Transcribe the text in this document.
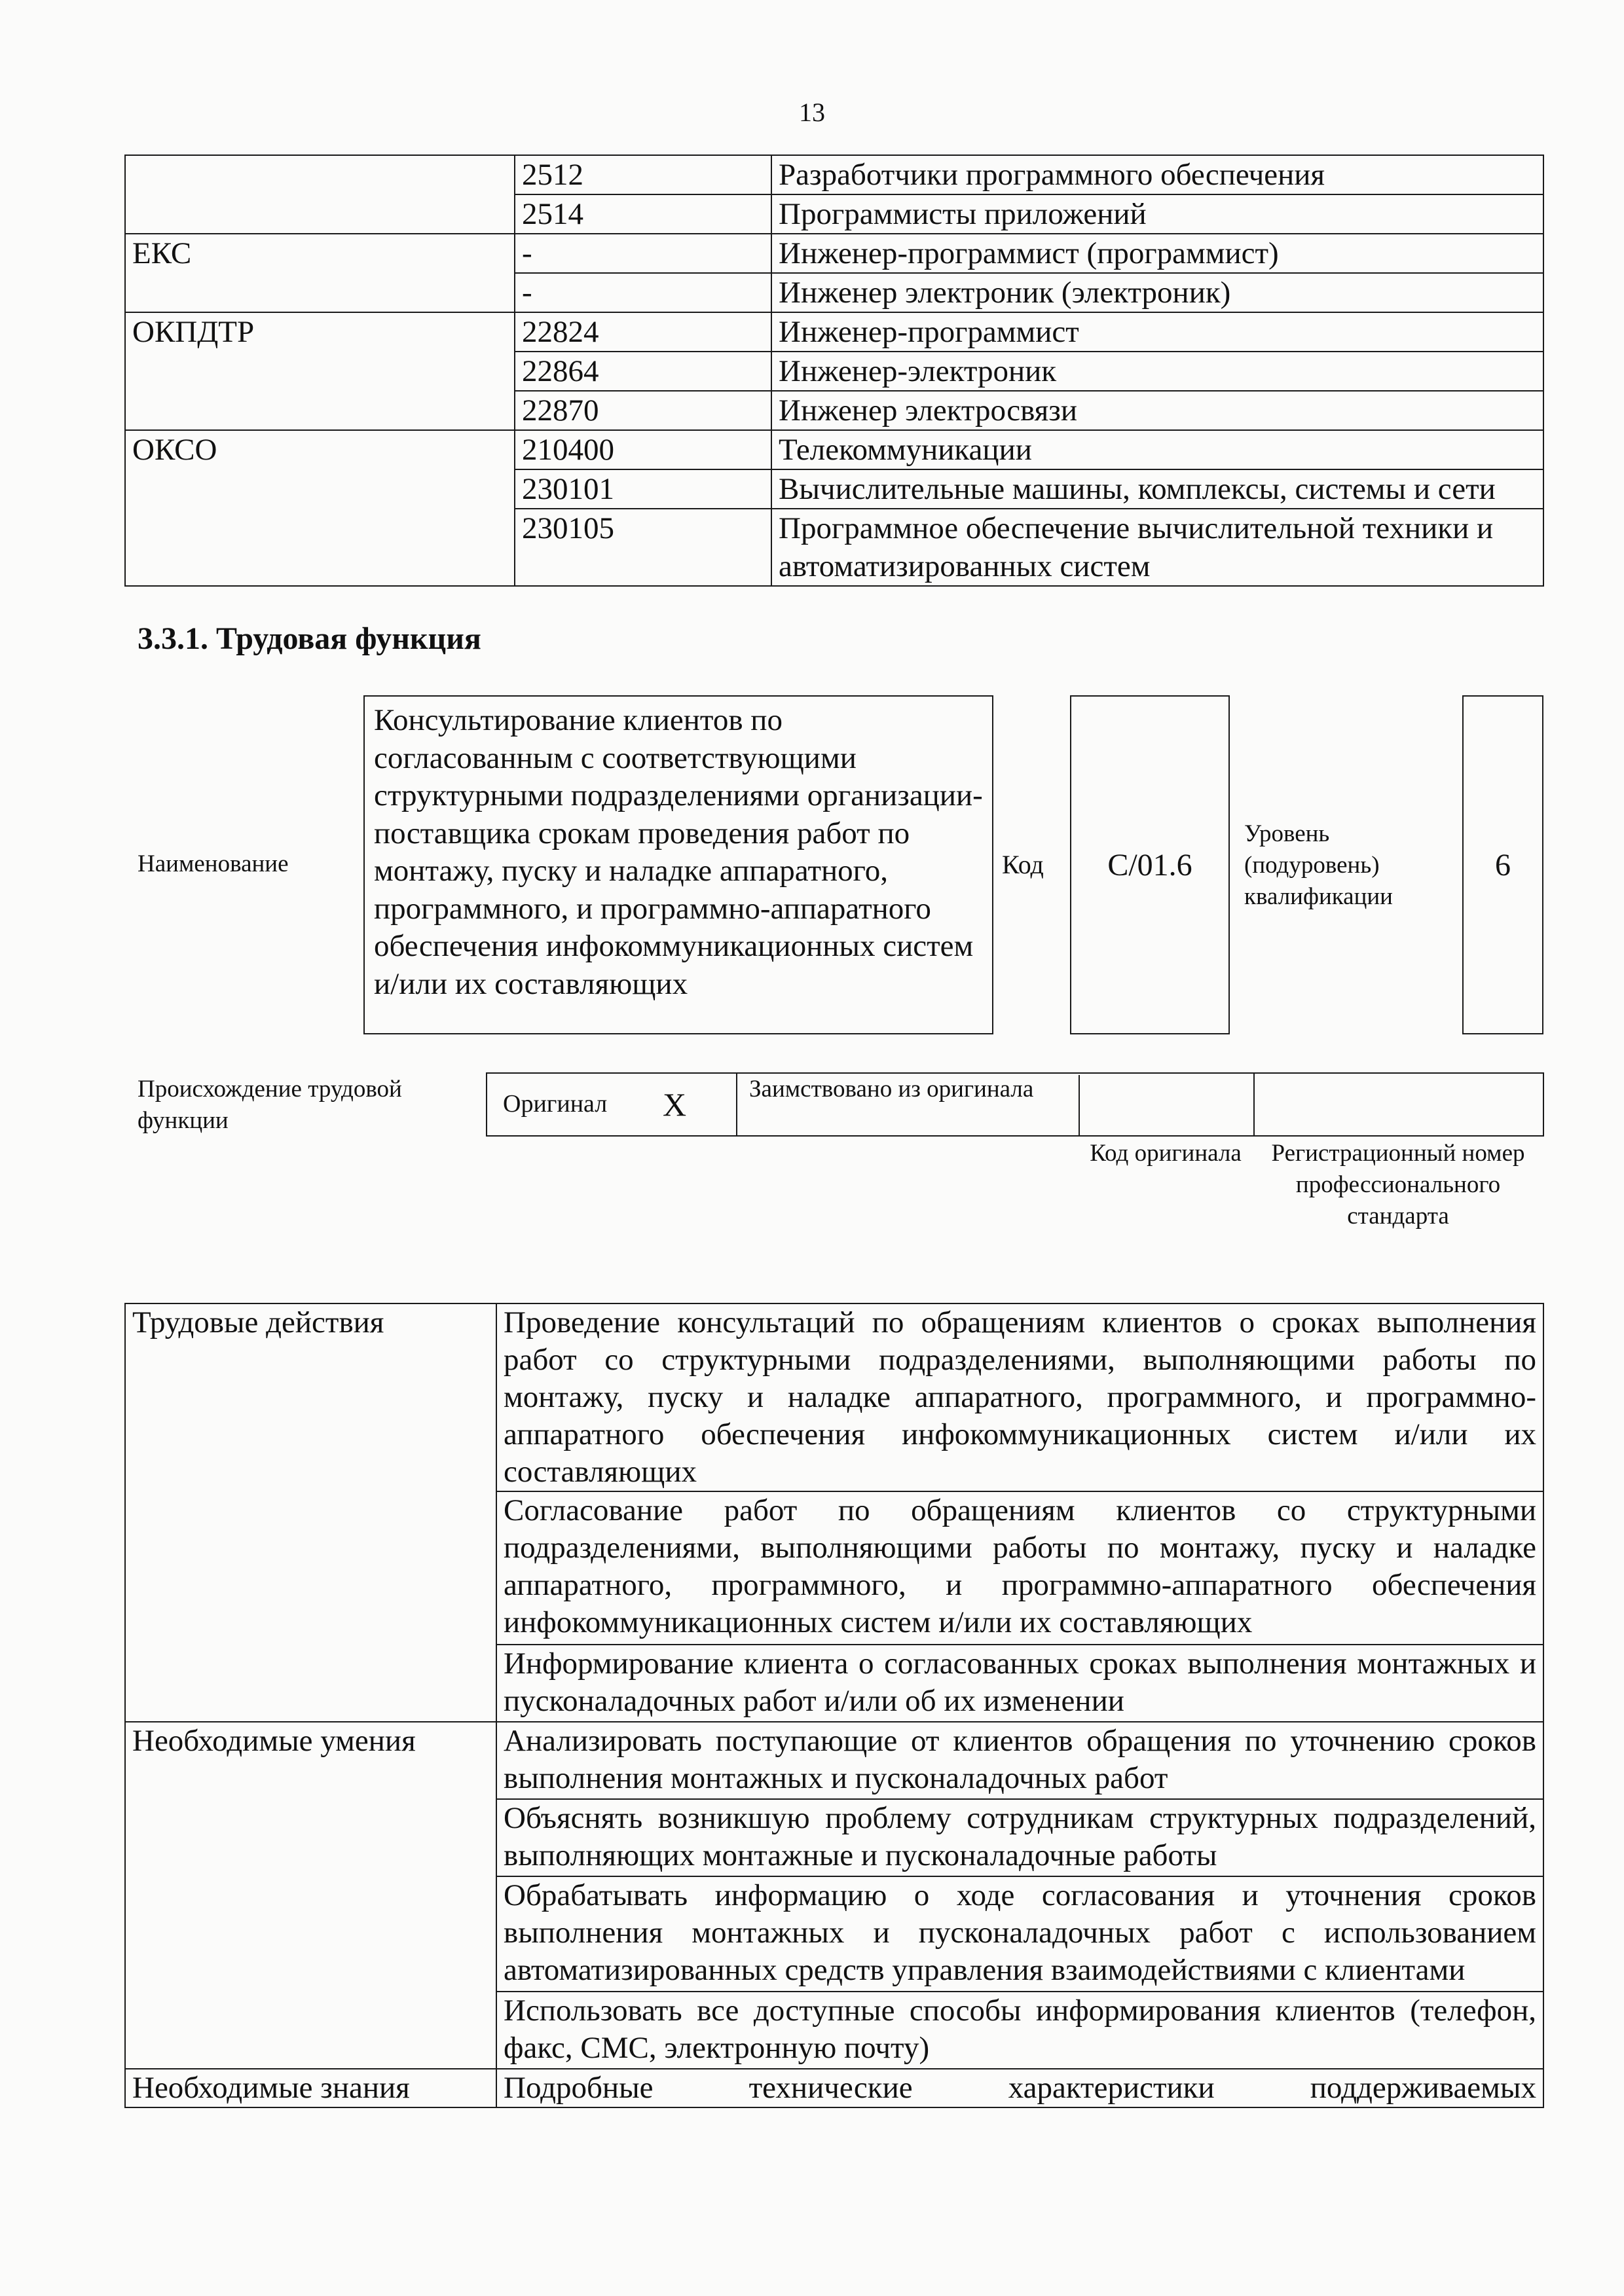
13
	2512	Разработчики программного обеспечения
	2514	Программисты приложений
ЕКС	-	Инженер-программист (программист)
	-	Инженер электроник (электроник)
ОКПДТР	22824	Инженер-программист
	22864	Инженер-электроник
	22870	Инженер электросвязи
ОКСО	210400	Телекоммуникации
	230101	Вычислительные машины, комплексы, системы и сети
	230105	Программное обеспечение вычислительной техники и автоматизированных систем
3.3.1. Трудовая функция
Наименование
Консультирование клиентов по согласованным с соответствующими структурными подразделениями организации-поставщика срокам проведения работ по монтажу, пуску и наладке аппаратного, программного, и программно-аппаратного обеспечения инфокоммуникационных систем и/или их составляющих
Код	C/01.6
Уровень (подуровень) квалификации
6
Происхождение трудовой функции
Оригинал X	Заимствовано из оригинала
Код оригинала	Регистрационный номер профессионального стандарта
Трудовые действия	Проведение консультаций по обращениям клиентов о сроках выполнения работ со структурными подразделениями, выполняющими работы по монтажу, пуску и наладке аппаратного, программного, и программно-аппаратного обеспечения инфокоммуникационных систем и/или их составляющих
	Согласование работ по обращениям клиентов со структурными подразделениями, выполняющими работы по монтажу, пуску и наладке аппаратного, программного, и программно-аппаратного обеспечения инфокоммуникационных систем и/или их составляющих
	Информирование клиента о согласованных сроках выполнения монтажных и пусконаладочных работ и/или об их изменении
Необходимые умения	Анализировать поступающие от клиентов обращения по уточнению сроков выполнения монтажных и пусконаладочных работ
	Объяснять возникшую проблему сотрудникам структурных подразделений, выполняющих монтажные и пусконаладочные работы
	Обрабатывать информацию о ходе согласования и уточнения сроков выполнения монтажных и пусконаладочных работ с использованием автоматизированных средств управления взаимодействиями с клиентами
	Использовать все доступные способы информирования клиентов (телефон, факс, СМС, электронную почту)
Необходимые знания	Подробные технические характеристики поддерживаемых
